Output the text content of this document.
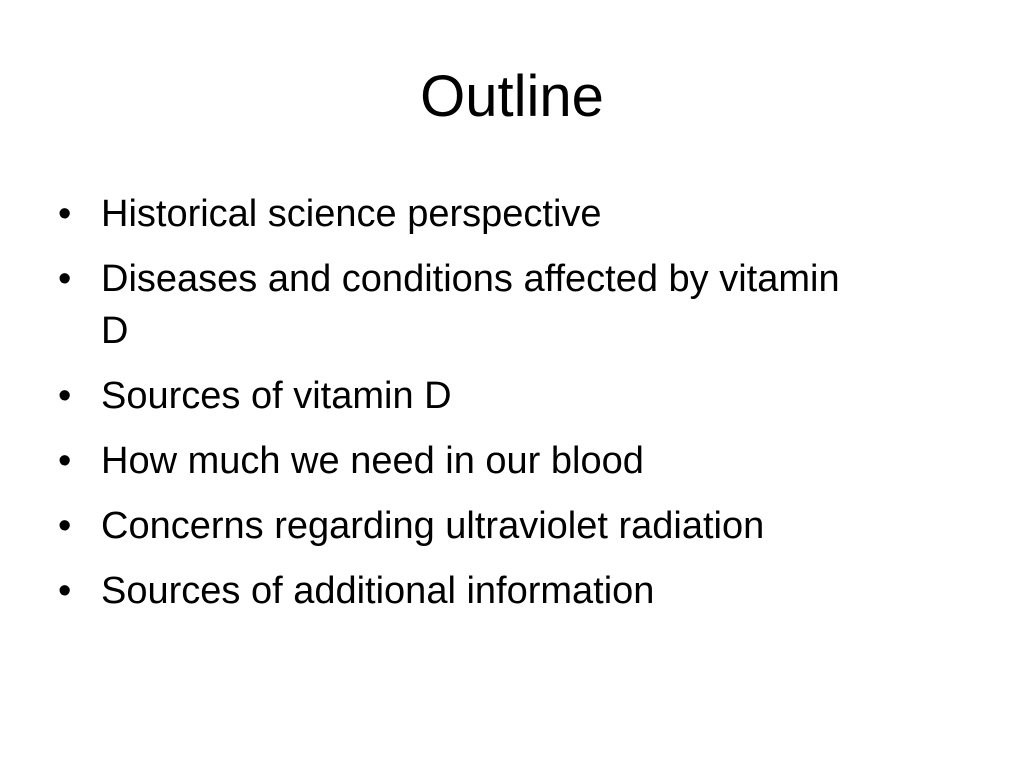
Outline
• Historical science perspective
• Diseases and conditions affected by vitamin D
• Sources of vitamin D
• How much we need in our blood
• Concerns regarding ultraviolet radiation
• Sources of additional information
